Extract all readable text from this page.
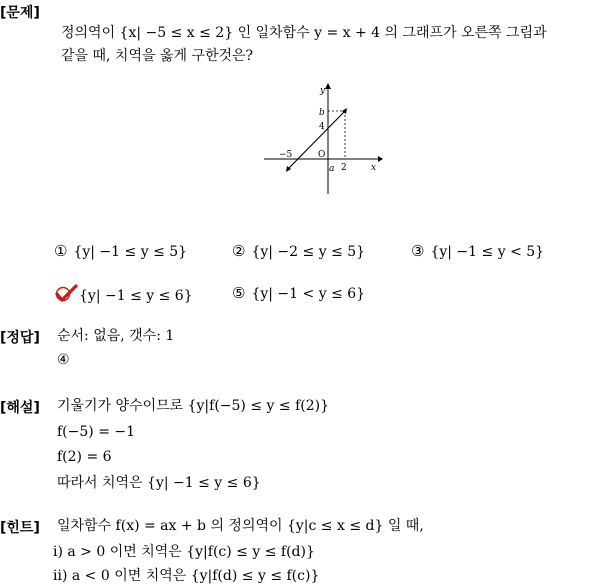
[문제]
정의역이 {x| −5 ≤ x ≤ 2} 인 일차함수 y = x + 4 의 그래프가 오른쪽 그림과
같을 때, 치역을 옳게 구한것은?
y
x
b
4
O
−5
a 2
① {y| −1 ≤ y ≤ 5}	② {y| −2 ≤ y ≤ 5}	③ {y| −1 ≤ y < 5}
{y| −1 ≤ y ≤ 6}	⑤ {y| −1 < y ≤ 6}
[정답] 순서: 없음, 갯수: 1
④
[해설] 기울기가 양수이므로 {y|f(−5) ≤ y ≤ f(2)}
f(−5) = −1
f(2) = 6
따라서 치역은 {y| −1 ≤ y ≤ 6}
[힌트] 일차함수 f(x) = ax + b 의 정의역이 {y|c ≤ x ≤ d} 일 때,
i) a > 0 이면 치역은 {y|f(c) ≤ y ≤ f(d)}
ii) a < 0 이면 치역은 {y|f(d) ≤ y ≤ f(c)}
